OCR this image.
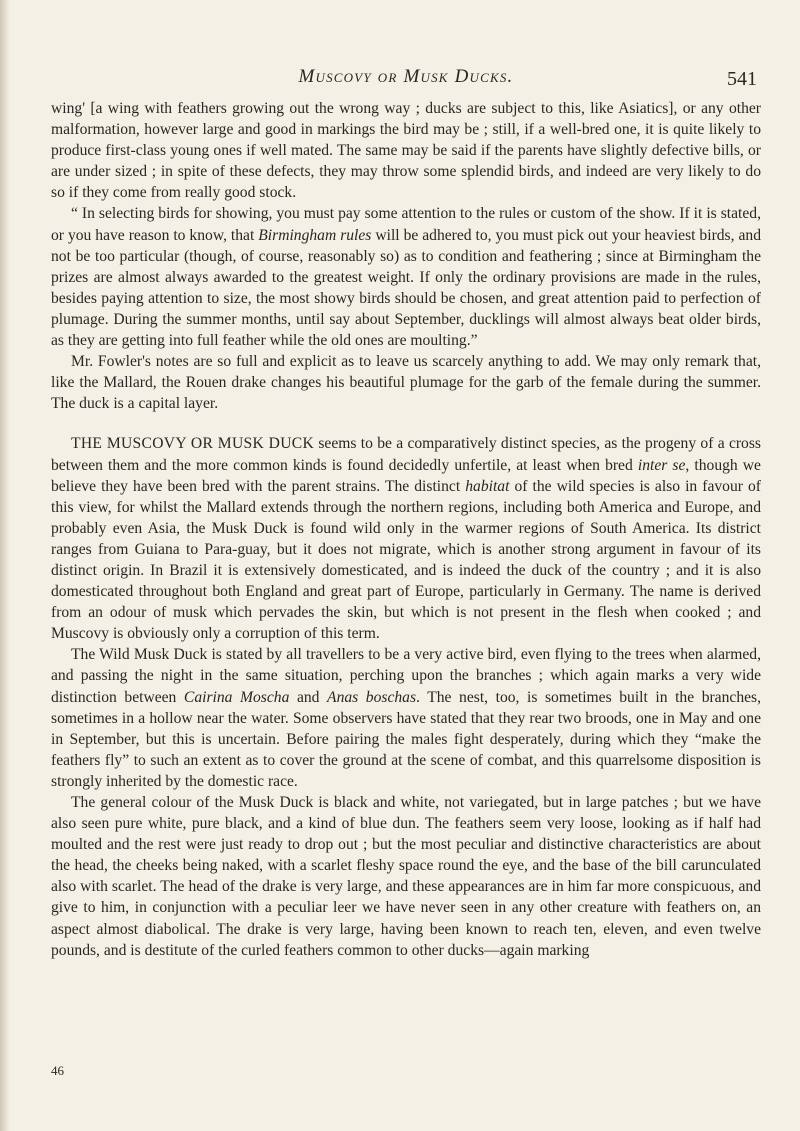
Muscovy or Musk Ducks.	541

wing' [a wing with feathers growing out the wrong way ; ducks are subject to this, like Asiatics], or any other malformation, however large and good in markings the bird may be ; still, if a well-bred one, it is quite likely to produce first-class young ones if well mated. The same may be said if the parents have slightly defective bills, or are under sized ; in spite of these defects, they may throw some splendid birds, and indeed are very likely to do so if they come from really good stock.

“ In selecting birds for showing, you must pay some attention to the rules or custom of the show. If it is stated, or you have reason to know, that Birmingham rules will be adhered to, you must pick out your heaviest birds, and not be too particular (though, of course, reasonably so) as to condition and feathering ; since at Birmingham the prizes are almost always awarded to the greatest weight. If only the ordinary provisions are made in the rules, besides paying attention to size, the most showy birds should be chosen, and great attention paid to perfection of plumage. During the summer months, until say about September, ducklings will almost always beat older birds, as they are getting into full feather while the old ones are moulting.”

Mr. Fowler's notes are so full and explicit as to leave us scarcely anything to add. We may only remark that, like the Mallard, the Rouen drake changes his beautiful plumage for the garb of the female during the summer. The duck is a capital layer.

THE MUSCOVY OR MUSK DUCK seems to be a comparatively distinct species, as the progeny of a cross between them and the more common kinds is found decidedly unfertile, at least when bred inter se, though we believe they have been bred with the parent strains. The distinct habitat of the wild species is also in favour of this view, for whilst the Mallard extends through the northern regions, including both America and Europe, and probably even Asia, the Musk Duck is found wild only in the warmer regions of South America. Its district ranges from Guiana to Para-guay, but it does not migrate, which is another strong argument in favour of its distinct origin. In Brazil it is extensively domesticated, and is indeed the duck of the country ; and it is also domesticated throughout both England and great part of Europe, particularly in Germany. The name is derived from an odour of musk which pervades the skin, but which is not present in the flesh when cooked ; and Muscovy is obviously only a corruption of this term.

The Wild Musk Duck is stated by all travellers to be a very active bird, even flying to the trees when alarmed, and passing the night in the same situation, perching upon the branches ; which again marks a very wide distinction between Cairina Moscha and Anas boschas. The nest, too, is sometimes built in the branches, sometimes in a hollow near the water. Some observers have stated that they rear two broods, one in May and one in September, but this is uncertain. Before pairing the males fight desperately, during which they “make the feathers fly” to such an extent as to cover the ground at the scene of combat, and this quarrelsome disposition is strongly inherited by the domestic race.

The general colour of the Musk Duck is black and white, not variegated, but in large patches ; but we have also seen pure white, pure black, and a kind of blue dun. The feathers seem very loose, looking as if half had moulted and the rest were just ready to drop out ; but the most peculiar and distinctive characteristics are about the head, the cheeks being naked, with a scarlet fleshy space round the eye, and the base of the bill carunculated also with scarlet. The head of the drake is very large, and these appearances are in him far more conspicuous, and give to him, in conjunction with a peculiar leer we have never seen in any other creature with feathers on, an aspect almost diabolical. The drake is very large, having been known to reach ten, eleven, and even twelve pounds, and is destitute of the curled feathers common to other ducks—again marking

46
